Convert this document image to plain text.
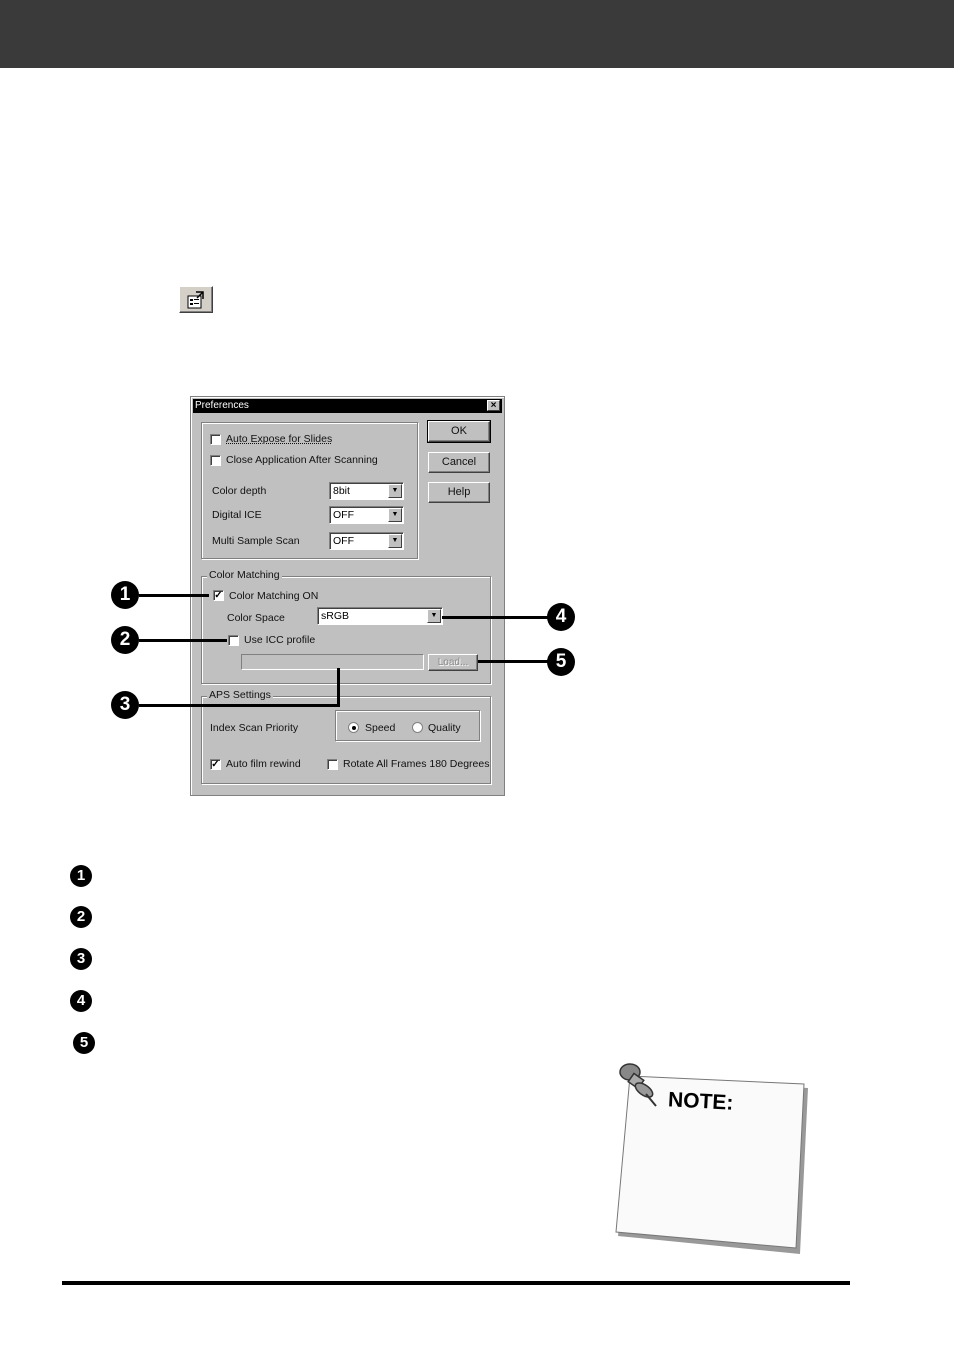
Preferences	×
Auto Expose for Slides
Close Application After Scanning
Color depth	8bit	▼
Digital ICE	OFF	▼
Multi Sample Scan	OFF	▼
OK
Cancel
Help
Color Matching
✓ Color Matching ON
Color Space	sRGB	▼
Use ICC profile
Load...
APS Settings
Index Scan Priority	Speed	Quality
✓ Auto film rewind	Rotate All Frames 180 Degrees
1
2
3
4
5
1
2
3
4
5
NOTE:
